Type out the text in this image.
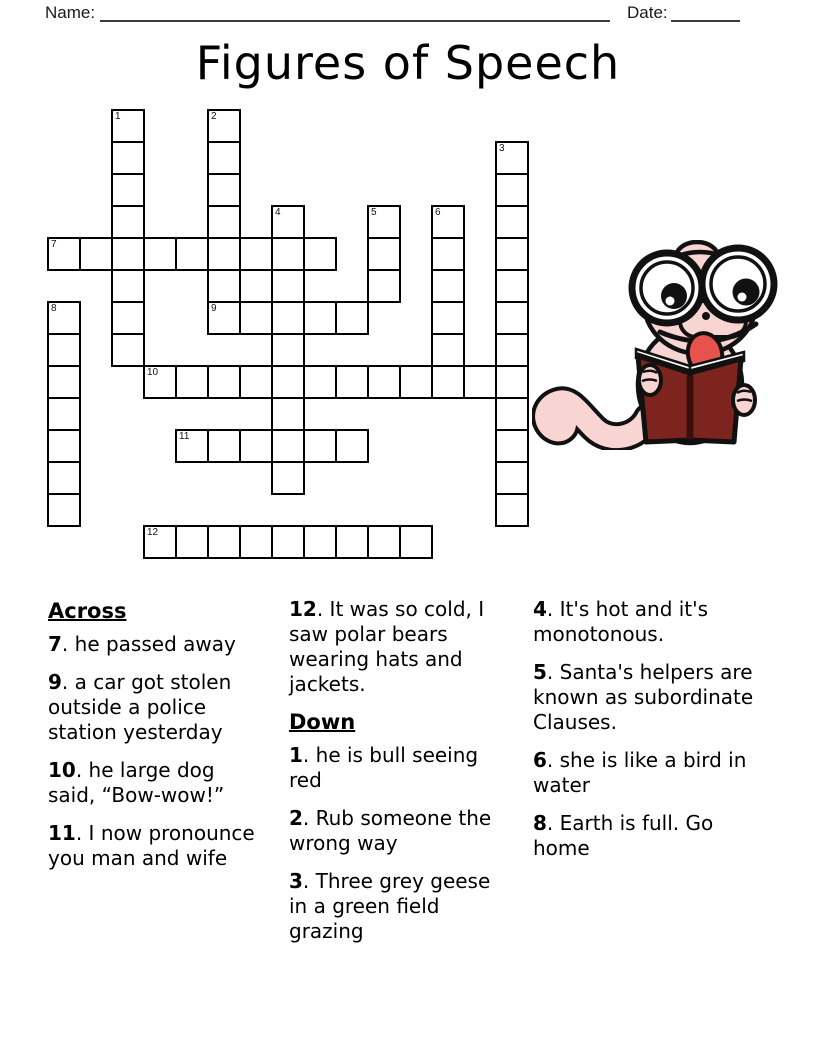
Name:	Date:
Figures of Speech
7
9
10
11
12
1	2
3
4	5	6
8
Across
7. he passed away
9. a car got stolen outside a police station yesterday
10. he large dog said, “Bow-wow!”
11. I now pronounce you man and wife
12. It was so cold, I saw polar bears wearing hats and jackets.
Down
1. he is bull seeing red
2. Rub someone the wrong way
3. Three grey geese in a green field grazing
4. It's hot and it's monotonous.
5. Santa's helpers are known as subordinate Clauses.
6. she is like a bird in water
8. Earth is full. Go home
